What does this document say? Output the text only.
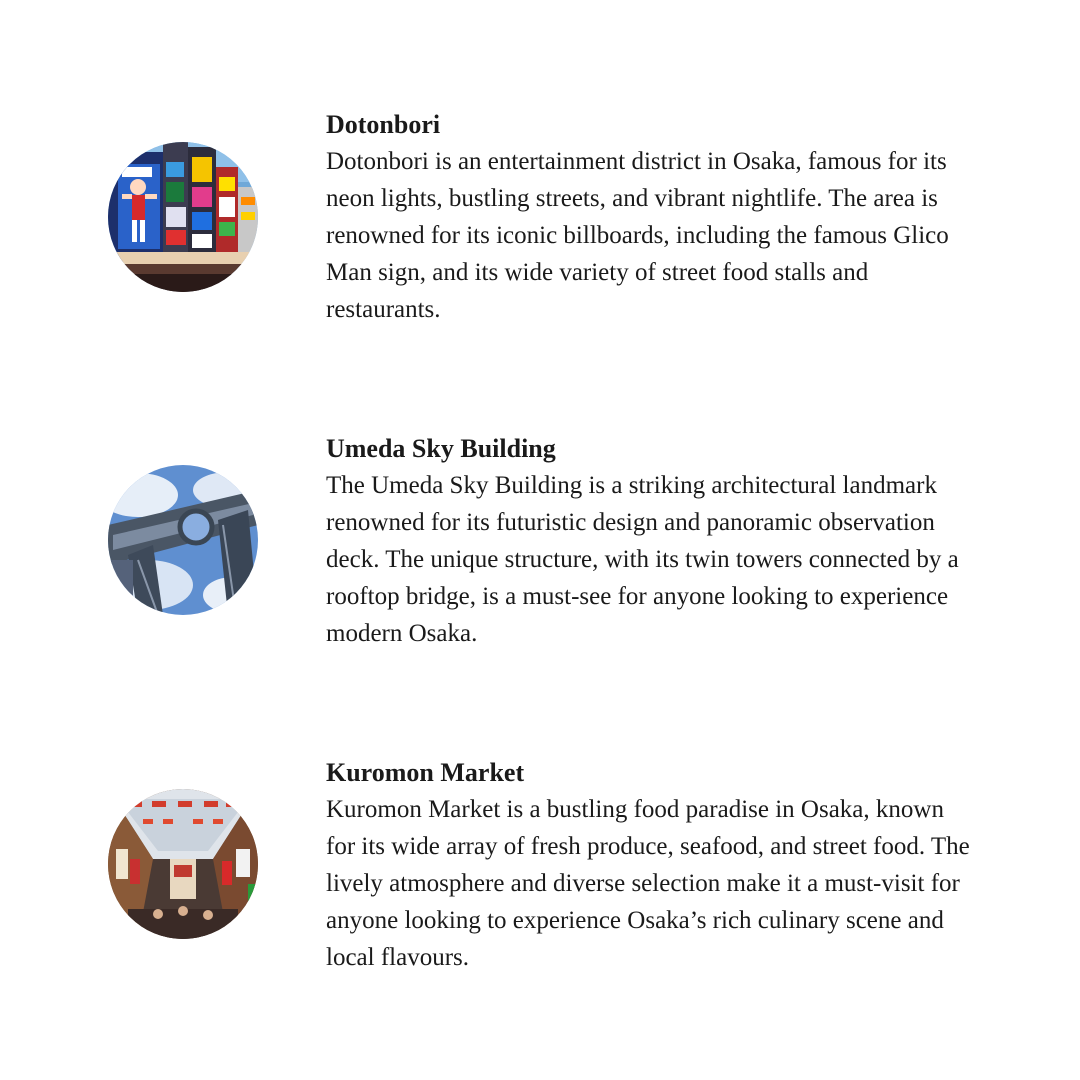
Dotonbori

Dotonbori is an entertainment district in Osaka, famous for its neon lights, bustling streets, and vibrant nightlife. The area is renowned for its iconic billboards, including the famous Glico Man sign, and its wide variety of street food stalls and restaurants.

Umeda Sky Building

The Umeda Sky Building is a striking architectural landmark renowned for its futuristic design and panoramic observation deck. The unique structure, with its twin towers connected by a rooftop bridge, is a must-see for anyone looking to experience modern Osaka.

Kuromon Market

Kuromon Market is a bustling food paradise in Osaka, known for its wide array of fresh produce, seafood, and street food. The lively atmosphere and diverse selection make it a must-visit for anyone looking to experience Osaka’s rich culinary scene and local flavours.
